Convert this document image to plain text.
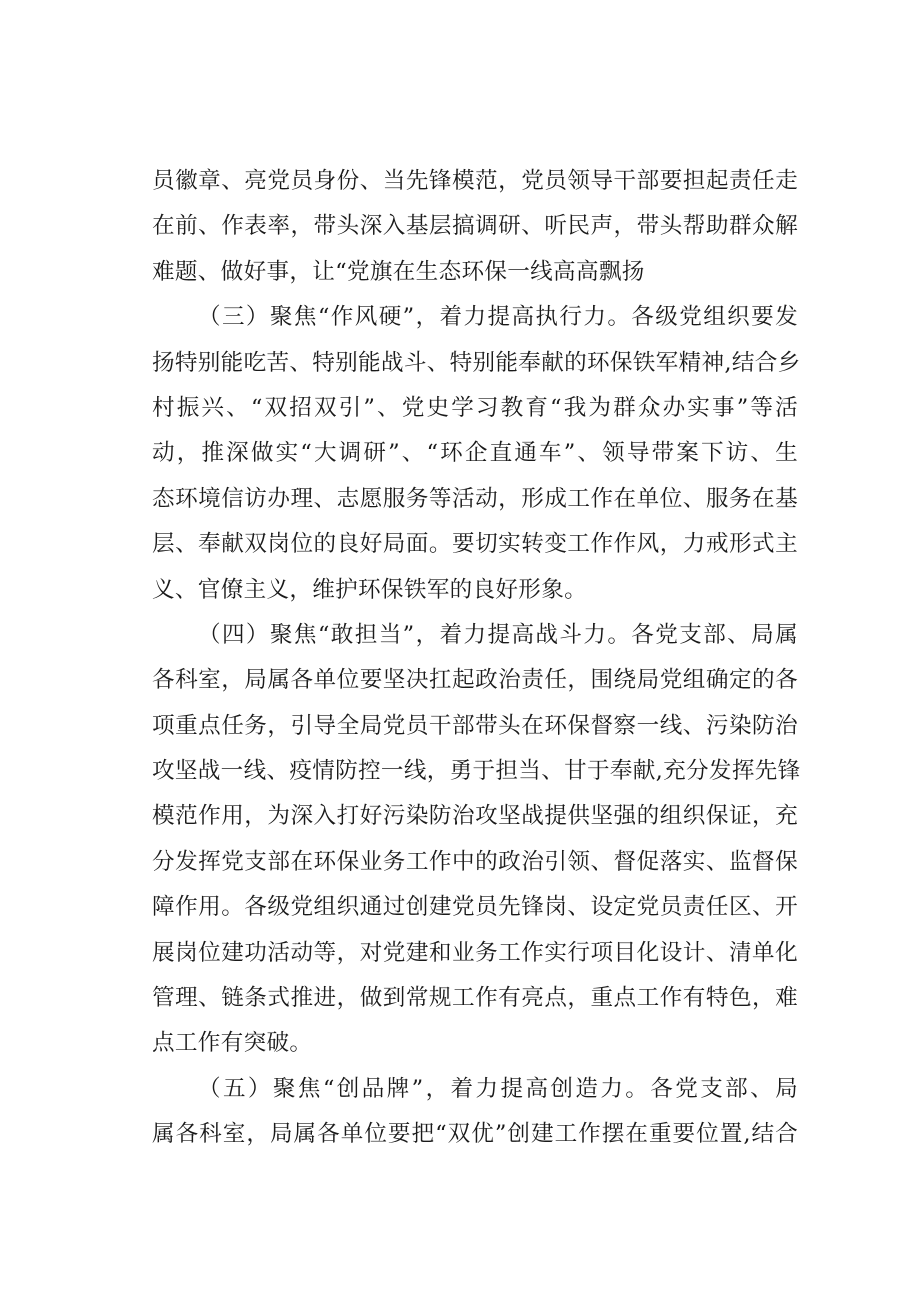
员徽章、亮党员身份、当先锋模范，党员领导干部要担起责任走
在前、作表率，带头深入基层搞调研、听民声，带头帮助群众解
难题、做好事，让“党旗在生态环保一线高高飘扬
（三）聚焦“作风硬”，着力提高执行力。各级党组织要发
扬特别能吃苦、特别能战斗、特别能奉献的环保铁军精神,结合乡
村振兴、“双招双引”、党史学习教育“我为群众办实事”等活
动，推深做实“大调研”、“环企直通车”、领导带案下访、生
态环境信访办理、志愿服务等活动，形成工作在单位、服务在基
层、奉献双岗位的良好局面。要切实转变工作作风，力戒形式主
义、官僚主义，维护环保铁军的良好形象。
（四）聚焦“敢担当”，着力提高战斗力。各党支部、局属
各科室，局属各单位要坚决扛起政治责任，围绕局党组确定的各
项重点任务，引导全局党员干部带头在环保督察一线、污染防治
攻坚战一线、疫情防控一线，勇于担当、甘于奉献,充分发挥先锋
模范作用，为深入打好污染防治攻坚战提供坚强的组织保证，充
分发挥党支部在环保业务工作中的政治引领、督促落实、监督保
障作用。各级党组织通过创建党员先锋岗、设定党员责任区、开
展岗位建功活动等，对党建和业务工作实行项目化设计、清单化
管理、链条式推进，做到常规工作有亮点，重点工作有特色，难
点工作有突破。
（五）聚焦“创品牌”，着力提高创造力。各党支部、局
属各科室，局属各单位要把“双优”创建工作摆在重要位置,结合
